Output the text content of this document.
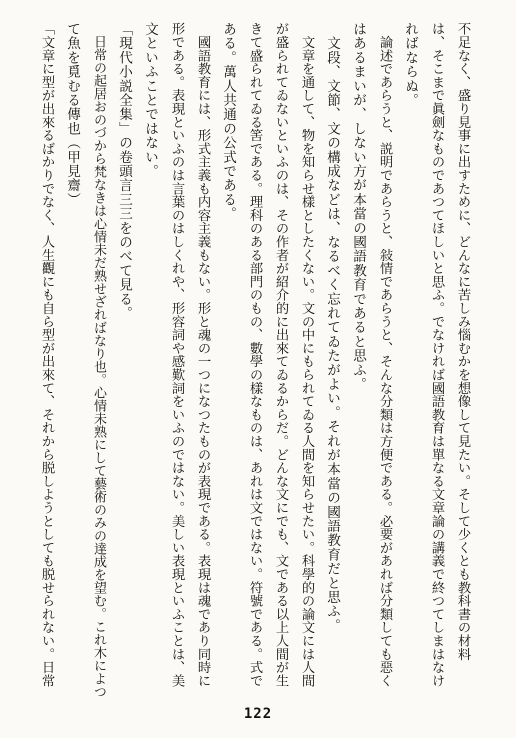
不足なく、盛り見事に出すために、どんなに苦しみ惱むかを想像して見たい。そして少くとも教科書の材料
は、そこまで眞劍なものであつてほしいと思ふ。でなければ國語教育は單なる文章論の講義で終つてしまはなけ
ればならぬ。
　論述であらうと、説明であらうと、敍情であらうと、そんな分類は方便である。必要があれば分類しても惡く
はあるまいが、しない方が本當の國語教育であると思ふ。
　文段、文節、文の構成などは、なるべく忘れてゐたがよい。それが本當の國語教育だと思ふ。
　文章を通して、物を知らせ樣としたくない。文の中にもられてゐる人間を知らせたい。科學的の論文には人間
が盛られてゐないといふのは、その作者が紹介的に出來てゐるからだ。どんな文にでも、文である以上人間が生
きて盛られてゐる筈である。理科のある部門のもの、數學の樣なものは、あれは文ではない。符號である。式で
ある。萬人共通の公式である。
　國語教育には、形式主義も内容主義もない。形と魂の一つになつたものが表現である。表現は魂であり同時に
形である。表現といふのは言葉のはしくれや、形容詞や感歎詞をいふのではない。美しい表現といふことは、美
文といふことではない。
「現代小説全集」の卷頭言三三をのべて見る。
　日常の起居おのづから梵なきは心情未だ熟せざればなり也。心情未熟にして藝術のみの達成を望む。これ木によつ
て魚を覓むる傳也（甲見齋）
「文章に型が出來るばかりでなく、人生觀にも自ら型が出來て、それから脱しようとしても脱せられない。日常
122
